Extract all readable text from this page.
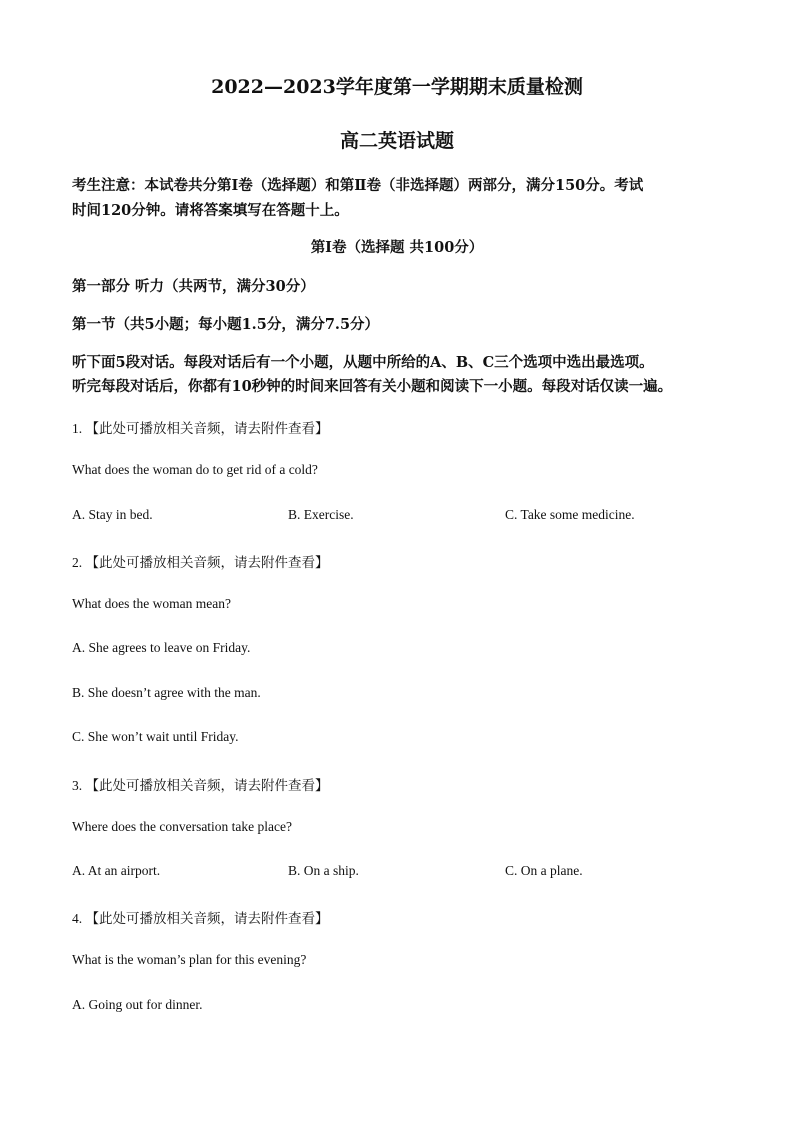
2022—2023学年度第一学期期末质量检测
高二英语试题
考生注意：本试卷共分第Ⅰ卷（选择题）和第Ⅱ卷（非选择题）两部分，满分150分。考试
时间120分钟。请将答案填写在答题十上。
第Ⅰ卷（选择题 共100分）
第一部分 听力（共两节，满分30分）
第一节（共5小题；每小题1.5分，满分7.5分）
听下面5段对话。每段对话后有一个小题，从题中所给的A、B、C三个选项中选出最选项。
听完每段对话后，你都有10秒钟的时间来回答有关小题和阅读下一小题。每段对话仅读一遍。
1. 【此处可播放相关音频，请去附件查看】
What does the woman do to get rid of a cold?
A. Stay in bed.	B. Exercise.	C. Take some medicine.
2. 【此处可播放相关音频，请去附件查看】
What does the woman mean?
A. She agrees to leave on Friday.
B. She doesn’t agree with the man.
C. She won’t wait until Friday.
3. 【此处可播放相关音频，请去附件查看】
Where does the conversation take place?
A. At an airport.	B. On a ship.	C. On a plane.
4. 【此处可播放相关音频，请去附件查看】
What is the woman’s plan for this evening?
A. Going out for dinner.
